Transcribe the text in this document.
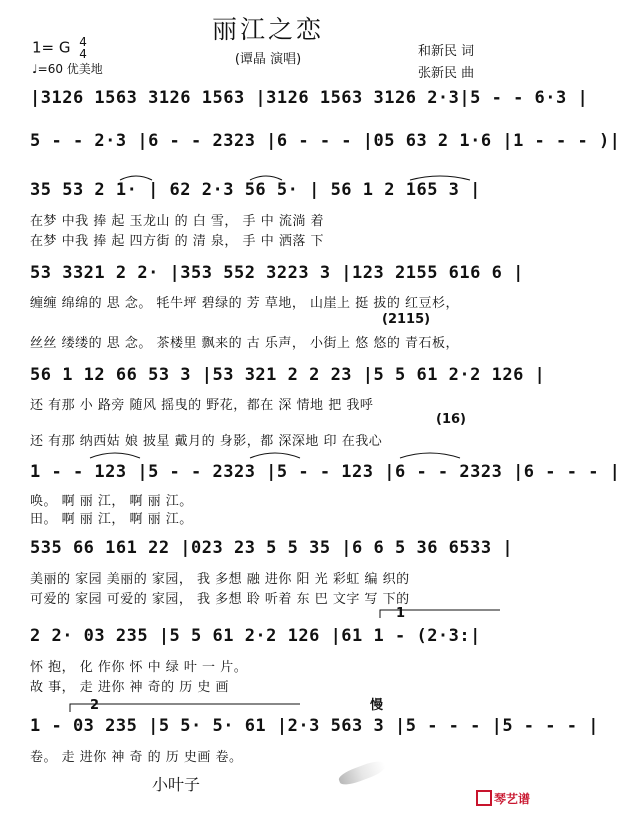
丽江之恋
(谭晶 演唱)
1= G 4
4
♩=60 优美地
和新民 词
张新民 曲
|3126 1563 3126 1563 |3126 1563 3126 2·3|5 - - 6·3 |
5 - - 2·3 |6 - - 2323 |6 - - - |05 63 2 1·6 |1 - - - )|
35 53 2 1· | 62 2·3 56 5· | 56 1 2 165 3 |
在梦 中我 捧 起 玉龙山 的 白 雪， 手 中 流淌 着
在梦 中我 捧 起 四方街 的 清 泉， 手 中 洒落 下
53 3321 2 2· |353 552 3223 3 |123 2155 616 6 |
缠缠 绵绵的 思 念。 牦牛坪 碧绿的 芳 草地， 山崖上 挺 拔的 红豆杉，
(2115)
丝丝 缕缕的 思 念。 茶楼里 飘来的 古 乐声， 小街上 悠 悠的 青石板，
56 1 12 66 53 3 |53 321 2 2 23 |5 5 61 2·2 126 |
还 有那 小 路旁 随风 摇曳的 野花，都在 深 情地 把 我呼
(16)
还 有那 纳西姑 娘 披星 戴月的 身影，都 深深地 印 在我心
1 - - 123 |5 - - 2323 |5 - - 123 |6 - - 2323 |6 - - - |
唤。 啊 丽 江， 啊 丽 江。
田。 啊 丽 江， 啊 丽 江。
535 66 161 22 |023 23 5 5 35 |6 6 5 36 6533 |
美丽的 家园 美丽的 家园， 我 多想 融 进你 阳 光 彩虹 编 织的
可爱的 家园 可爱的 家园， 我 多想 聆 听着 东 巴 文字 写 下的
1
2 2· 03 235 |5 5 61 2·2 126 |61 1 - (2·3:|
怀 抱， 化 作你 怀 中 绿 叶 一 片。
故 事， 走 进你 神 奇的 历 史 画
2	慢
1 - 03 235 |5 5· 5· 61 |2·3 563 3 |5 - - - |5 - - - |
卷。 走 进你 神 奇 的 历 史画 卷。
小叶子
琴艺谱
